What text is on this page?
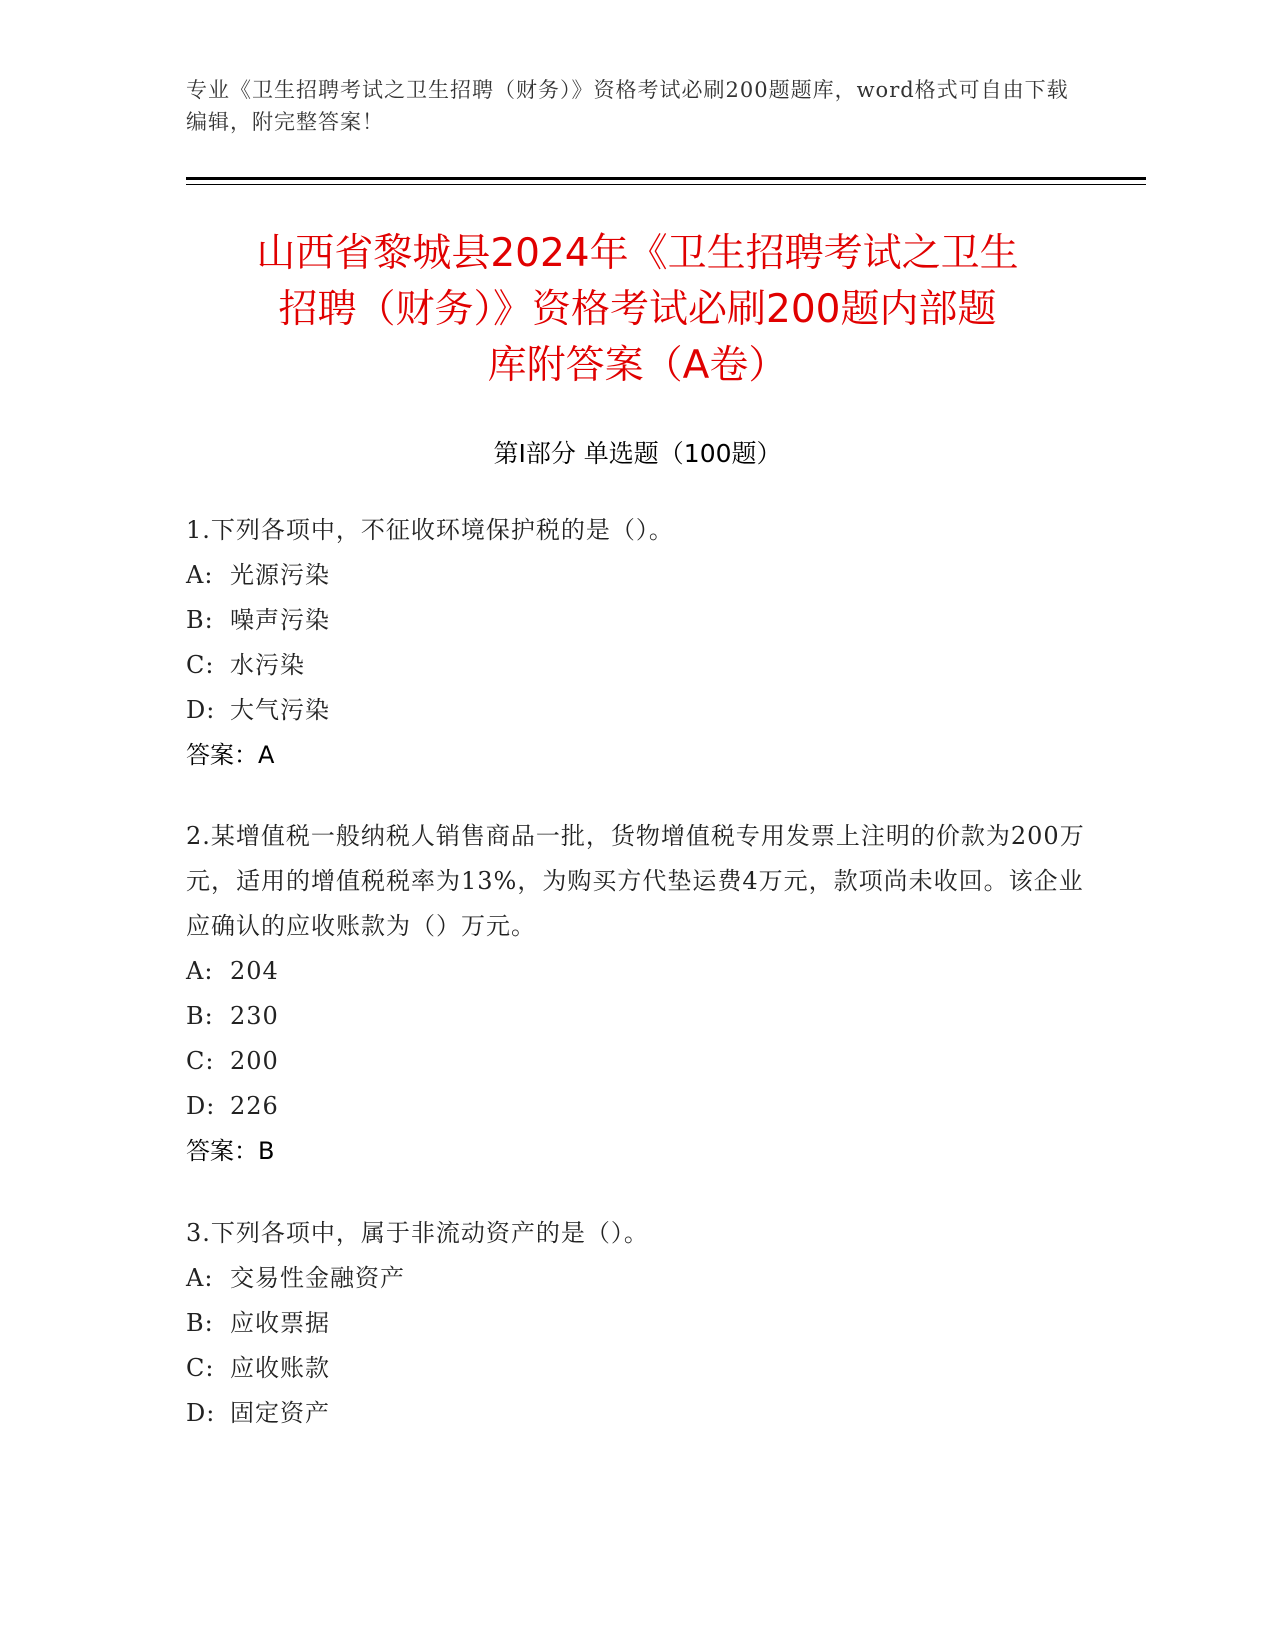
专业《卫生招聘考试之卫生招聘（财务）》资格考试必刷200题题库，word格式可自由下载编辑，附完整答案！
山西省黎城县2024年《卫生招聘考试之卫生
招聘（财务）》资格考试必刷200题内部题
库附答案（A卷）
第I部分 单选题（100题）
1.下列各项中，不征收环境保护税的是（）。
A: 光源污染
B: 噪声污染
C: 水污染
D: 大气污染
答案：A
2.某增值税一般纳税人销售商品一批，货物增值税专用发票上注明的价款为200万元，适用的增值税税率为13%，为购买方代垫运费4万元，款项尚未收回。该企业应确认的应收账款为（）万元。
A: 204
B: 230
C: 200
D: 226
答案：B
3.下列各项中，属于非流动资产的是（）。
A: 交易性金融资产
B: 应收票据
C: 应收账款
D: 固定资产
